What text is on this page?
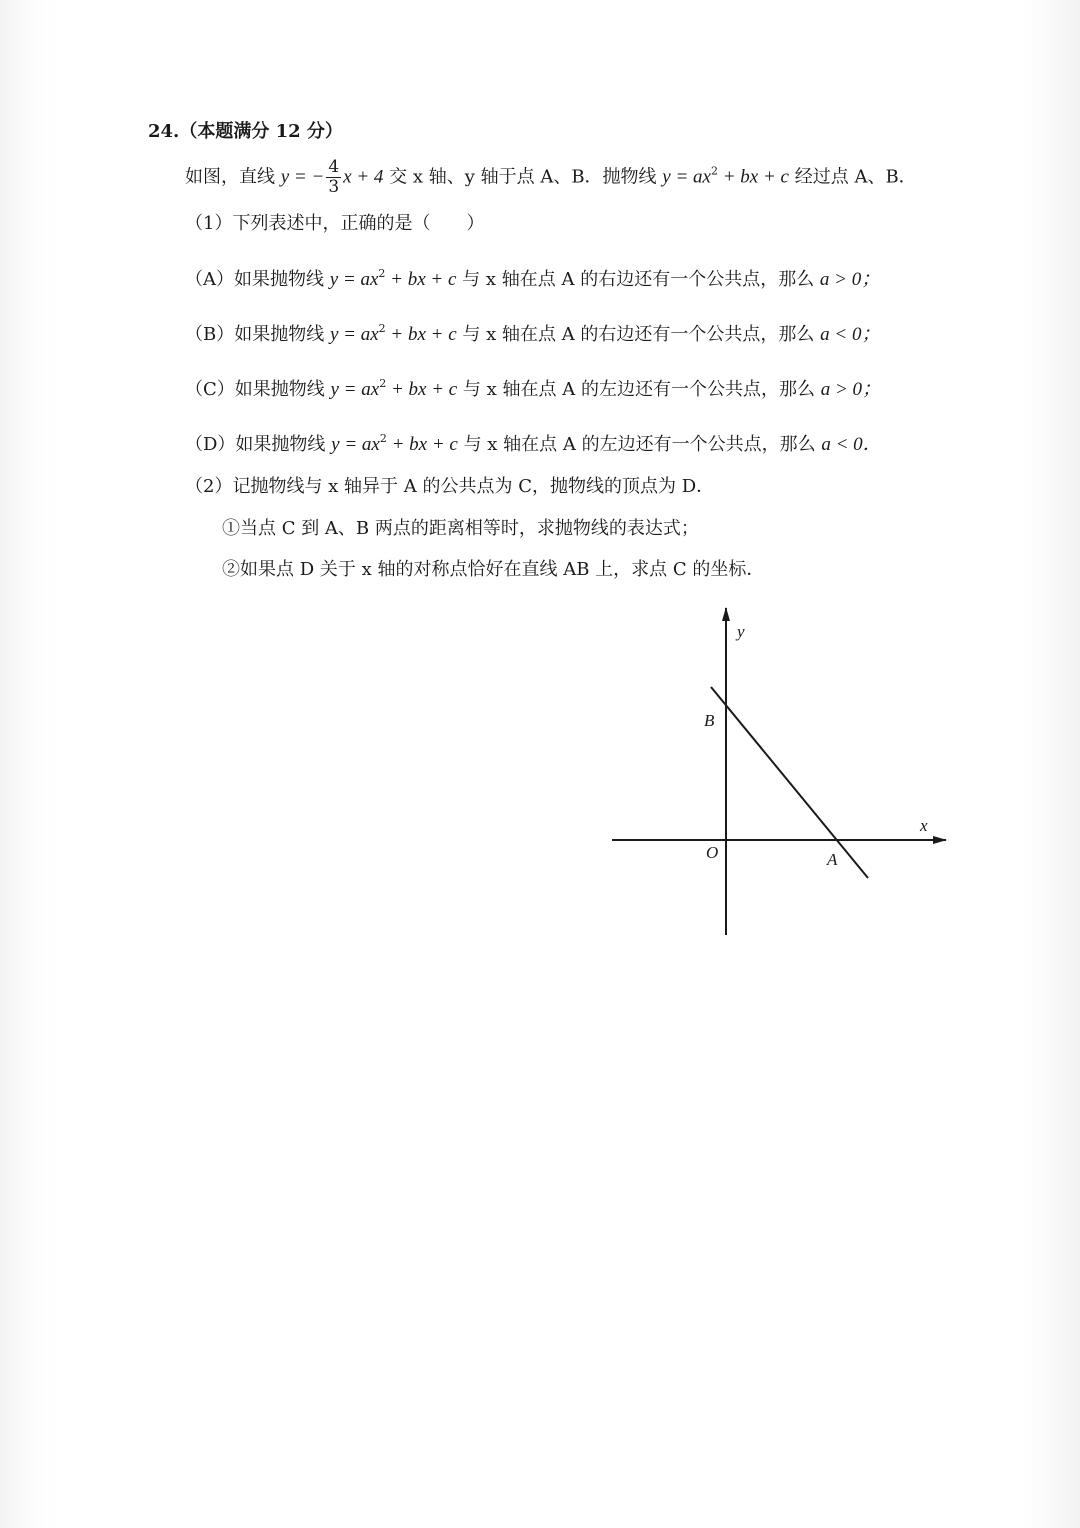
24.（本题满分 12 分）
如图，直线 y = − $\frac{4}{3}$ x + 4 交 x 轴、y 轴于点 A、B．抛物线 $y = ax^2$ + bx + c 经过点 A、B．
（1）下列表述中，正确的是（　　）
（A）如果抛物线 $y = ax^2$ + bx + c 与 x 轴在点 A 的右边还有一个公共点，那么 a > 0；
（B）如果抛物线 $y = ax^2$ + bx + c 与 x 轴在点 A 的右边还有一个公共点，那么 a < 0；
（C）如果抛物线 $y = ax^2$ + bx + c 与 x 轴在点 A 的左边还有一个公共点，那么 a > 0；
（D）如果抛物线 $y = ax^2$ + bx + c 与 x 轴在点 A 的左边还有一个公共点，那么 a < 0．
（2）记抛物线与 x 轴异于 A 的公共点为 C，抛物线的顶点为 D．
①当点 C 到 A、B 两点的距离相等时，求抛物线的表达式；
②如果点 D 关于 x 轴的对称点恰好在直线 AB 上，求点 C 的坐标．
y
x
O	A
B
